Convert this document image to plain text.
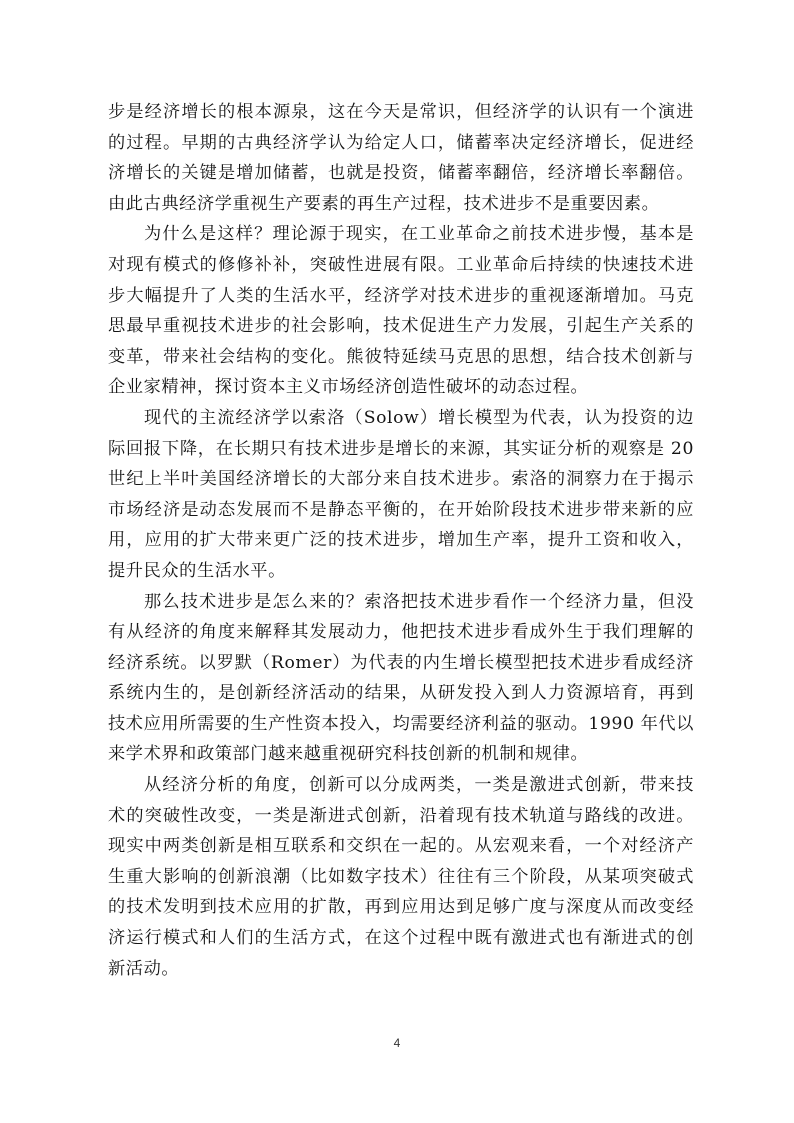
步是经济增长的根本源泉，这在今天是常识，但经济学的认识有一个演进的过程。早期的古典经济学认为给定人口，储蓄率决定经济增长，促进经济增长的关键是增加储蓄，也就是投资，储蓄率翻倍，经济增长率翻倍。由此古典经济学重视生产要素的再生产过程，技术进步不是重要因素。

为什么是这样？理论源于现实，在工业革命之前技术进步慢，基本是对现有模式的修修补补，突破性进展有限。工业革命后持续的快速技术进步大幅提升了人类的生活水平，经济学对技术进步的重视逐渐增加。马克思最早重视技术进步的社会影响，技术促进生产力发展，引起生产关系的变革，带来社会结构的变化。熊彼特延续马克思的思想，结合技术创新与企业家精神，探讨资本主义市场经济创造性破坏的动态过程。

现代的主流经济学以索洛（Solow）增长模型为代表，认为投资的边际回报下降，在长期只有技术进步是增长的来源，其实证分析的观察是 20 世纪上半叶美国经济增长的大部分来自技术进步。索洛的洞察力在于揭示市场经济是动态发展而不是静态平衡的，在开始阶段技术进步带来新的应用，应用的扩大带来更广泛的技术进步，增加生产率，提升工资和收入，提升民众的生活水平。

那么技术进步是怎么来的？索洛把技术进步看作一个经济力量，但没有从经济的角度来解释其发展动力，他把技术进步看成外生于我们理解的经济系统。以罗默（Romer）为代表的内生增长模型把技术进步看成经济系统内生的，是创新经济活动的结果，从研发投入到人力资源培育，再到技术应用所需要的生产性资本投入，均需要经济利益的驱动。1990 年代以来学术界和政策部门越来越重视研究科技创新的机制和规律。

从经济分析的角度，创新可以分成两类，一类是激进式创新，带来技术的突破性改变，一类是渐进式创新，沿着现有技术轨道与路线的改进。现实中两类创新是相互联系和交织在一起的。从宏观来看，一个对经济产生重大影响的创新浪潮（比如数字技术）往往有三个阶段，从某项突破式的技术发明到技术应用的扩散，再到应用达到足够广度与深度从而改变经济运行模式和人们的生活方式，在这个过程中既有激进式也有渐进式的创新活动。

4
